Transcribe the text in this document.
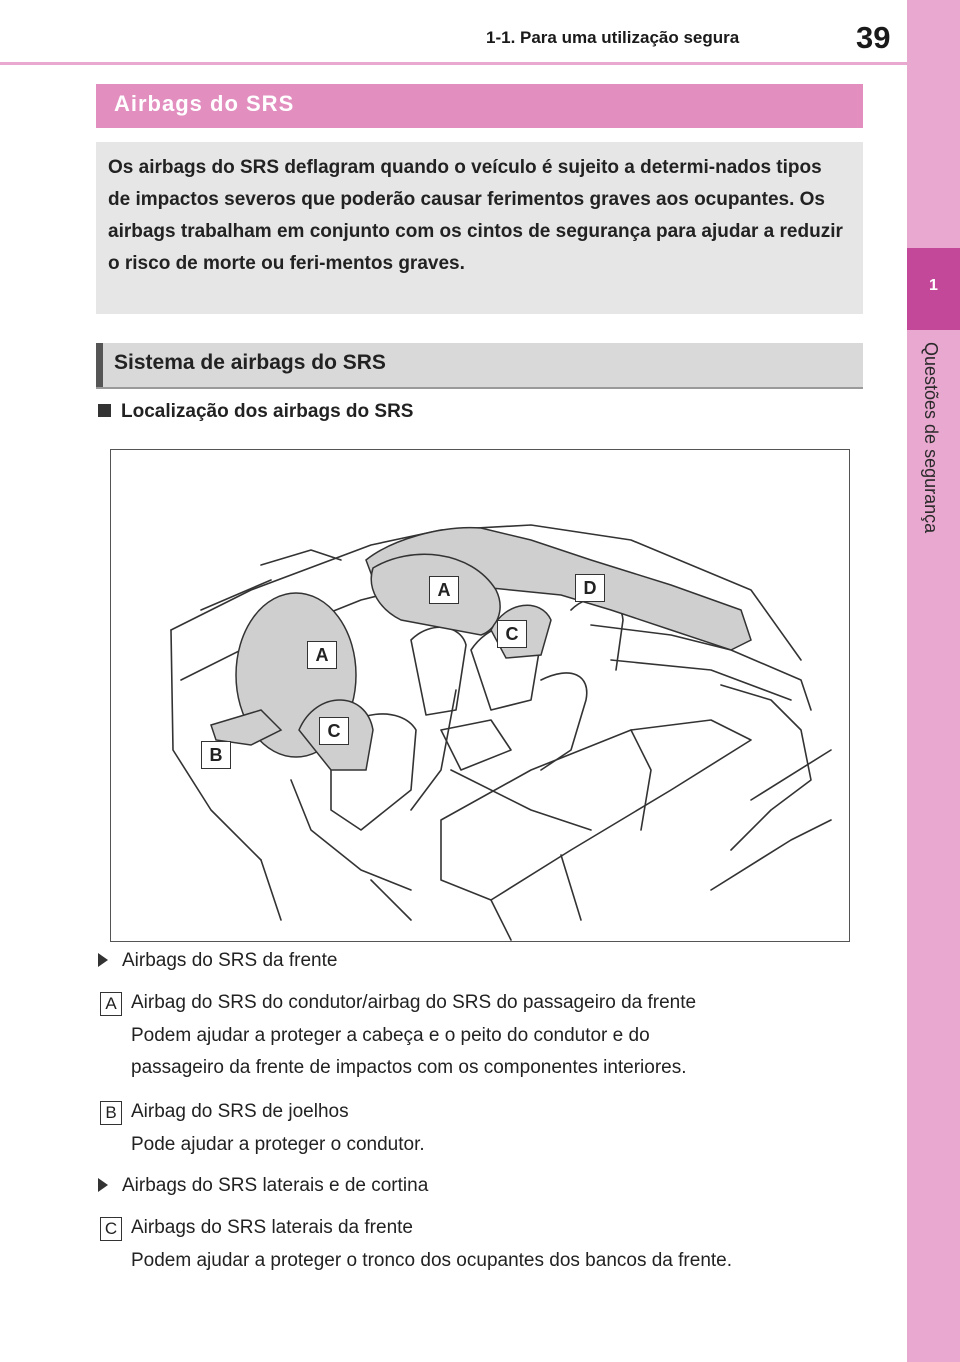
1-1. Para uma utilização segura	39
1
Questões de segurança
Airbags do SRS

Os airbags do SRS deflagram quando o veículo é sujeito a determi-nados tipos de impactos severos que poderão causar ferimentos graves aos ocupantes. Os airbags trabalham em conjunto com os cintos de segurança para ajudar a reduzir o risco de morte ou feri-mentos graves.

Sistema de airbags do SRS
Localização dos airbags do SRS
A	D
C
A
C
B
Airbags do SRS da frente
A Airbag do SRS do condutor/airbag do SRS do passageiro da frente
Podem ajudar a proteger a cabeça e o peito do condutor e do
passageiro da frente de impactos com os componentes interiores.
B Airbag do SRS de joelhos
Pode ajudar a proteger o condutor.
Airbags do SRS laterais e de cortina
C Airbags do SRS laterais da frente
Podem ajudar a proteger o tronco dos ocupantes dos bancos da frente.
